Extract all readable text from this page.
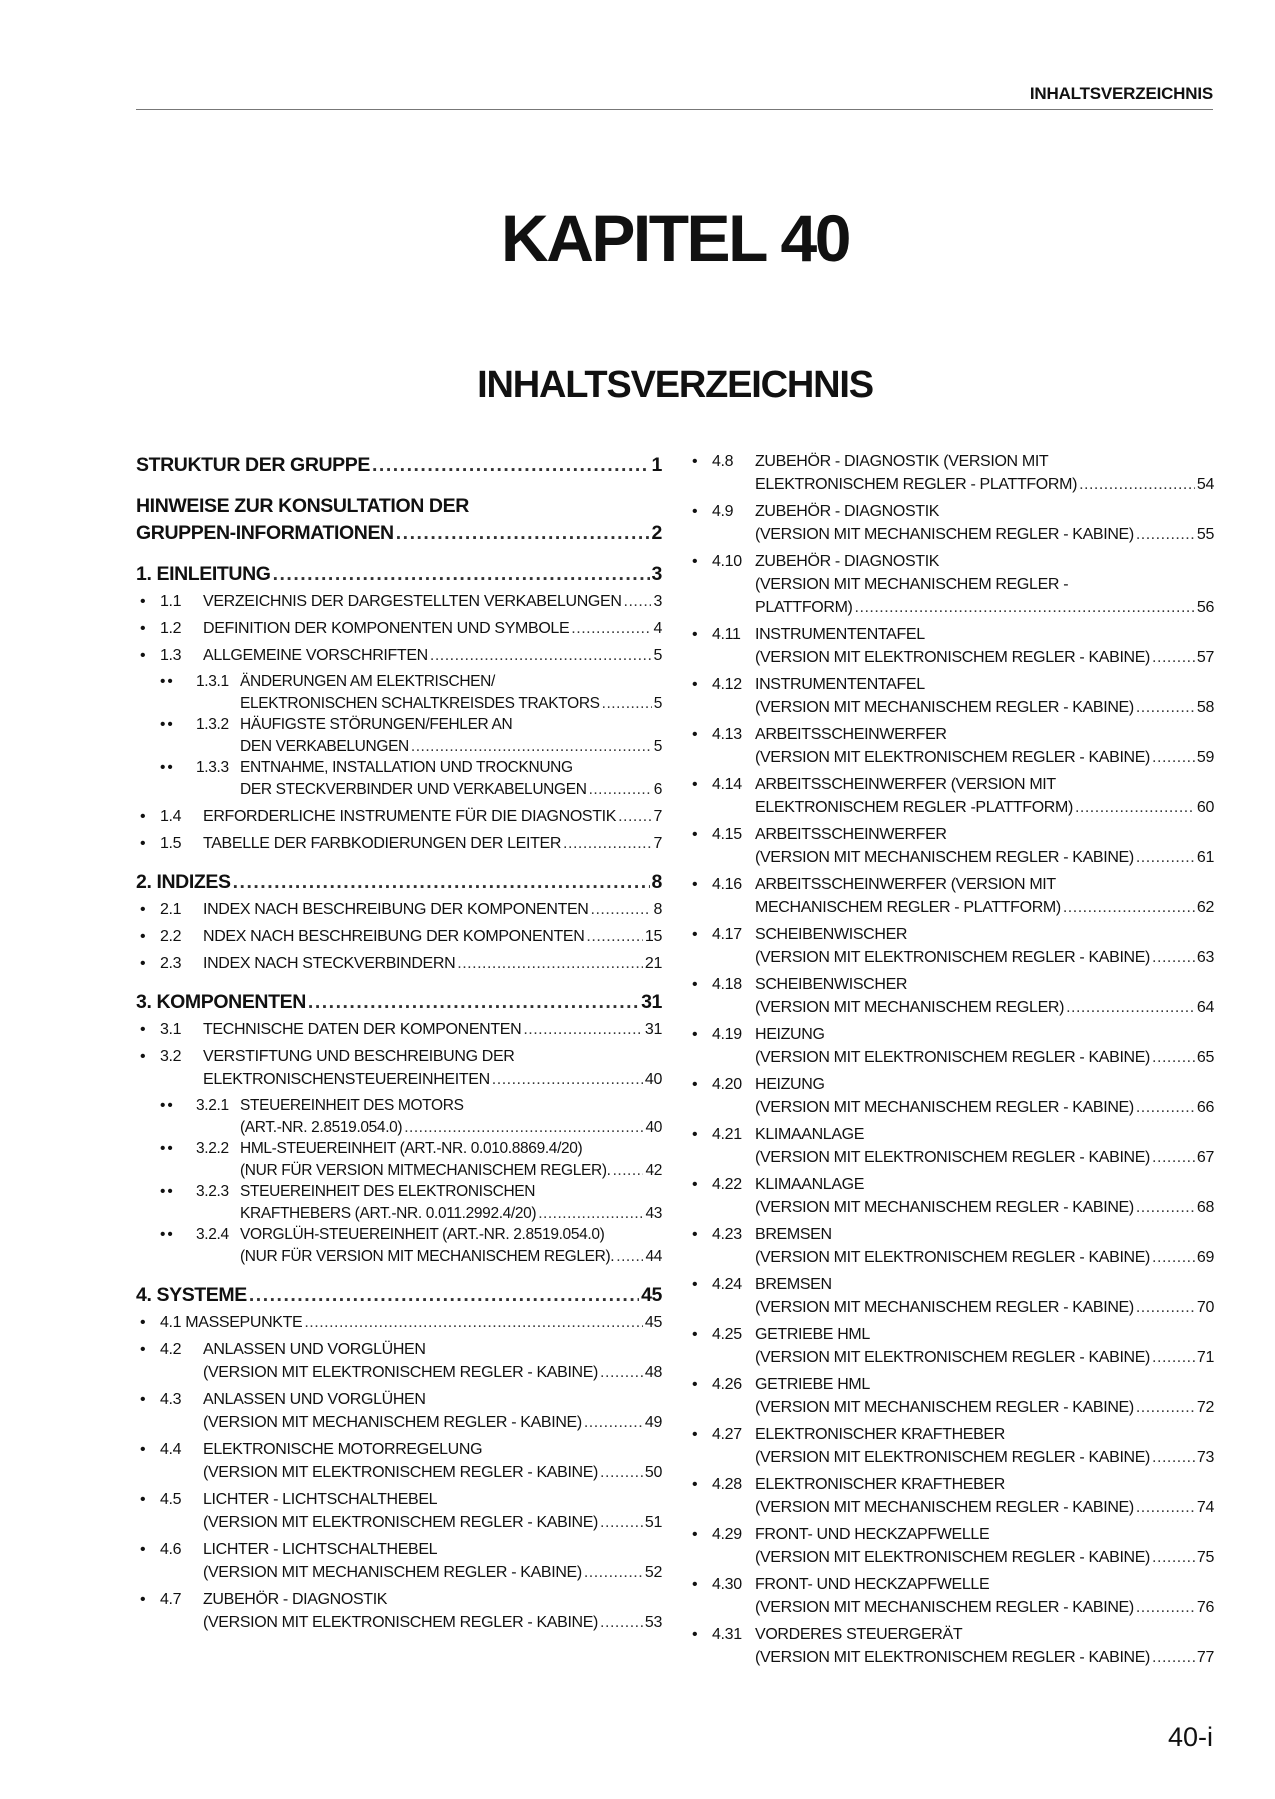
INHALTSVERZEICHNIS
KAPITEL 40
INHALTSVERZEICHNIS
STRUKTUR DER GRUPPE .....	1
HINWEISE ZUR KONSULTATION DER
GRUPPEN-INFORMATIONEN .....	2
1. EINLEITUNG .....	3
• 1.1 VERZEICHNIS DER DARGESTELLTEN VERKABELUNGEN ..... 3
• 1.2 DEFINITION DER KOMPONENTEN UND SYMBOLE .....	4
• 1.3 ALLGEMEINE VORSCHRIFTEN .....	5
•• 1.3.1 ÄNDERUNGEN AM ELEKTRISCHEN/
ELEKTRONISCHEN SCHALTKREISDES TRAKTORS .....	5
•• 1.3.2 HÄUFIGSTE STÖRUNGEN/FEHLER AN
DEN VERKABELUNGEN .....	5
•• 1.3.3 ENTNAHME, INSTALLATION UND TROCKNUNG
DER STECKVERBINDER UND VERKABELUNGEN .....	6
• 1.4 ERFORDERLICHE INSTRUMENTE FÜR DIE DIAGNOSTIK ..... 7
• 1.5 TABELLE DER FARBKODIERUNGEN DER LEITER .....	7
2. INDIZES .....	8
• 2.1 INDEX NACH BESCHREIBUNG DER KOMPONENTEN .....	8
• 2.2 NDEX NACH BESCHREIBUNG DER KOMPONENTEN .....	15
• 2.3 INDEX NACH STECKVERBINDERN .....	21
3. KOMPONENTEN .....	31
• 3.1 TECHNISCHE DATEN DER KOMPONENTEN .....	31
• 3.2 VERSTIFTUNG UND BESCHREIBUNG DER
ELEKTRONISCHENSTEUEREINHEITEN .....	40
•• 3.2.1 STEUEREINHEIT DES MOTORS
(ART.-NR. 2.8519.054.0) .....	40
•• 3.2.2 HML-STEUEREINHEIT (ART.-NR. 0.010.8869.4/20)
(NUR FÜR VERSION MITMECHANISCHEM REGLER). ..... 42
•• 3.2.3 STEUEREINHEIT DES ELEKTRONISCHEN
KRAFTHEBERS (ART.-NR. 0.011.2992.4/20) .....	43
•• 3.2.4 VORGLÜH-STEUEREINHEIT (ART.-NR. 2.8519.054.0)
(NUR FÜR VERSION MIT MECHANISCHEM REGLER). ..... 44
4. SYSTEME .....	45
• 4.1 MASSEPUNKTE .....	45
• 4.2 ANLASSEN UND VORGLÜHEN
(VERSION MIT ELEKTRONISCHEM REGLER - KABINE) .....	48
• 4.3 ANLASSEN UND VORGLÜHEN
(VERSION MIT MECHANISCHEM REGLER - KABINE) .....	49
• 4.4 ELEKTRONISCHE MOTORREGELUNG
(VERSION MIT ELEKTRONISCHEM REGLER - KABINE) .....	50
• 4.5 LICHTER - LICHTSCHALTHEBEL
(VERSION MIT ELEKTRONISCHEM REGLER - KABINE) .....	51
• 4.6 LICHTER - LICHTSCHALTHEBEL
(VERSION MIT MECHANISCHEM REGLER - KABINE) .....	52
• 4.7 ZUBEHÖR - DIAGNOSTIK
(VERSION MIT ELEKTRONISCHEM REGLER - KABINE) .....	53
• 4.8 ZUBEHÖR - DIAGNOSTIK (VERSION MIT
ELEKTRONISCHEM REGLER - PLATTFORM) .....	54
• 4.9 ZUBEHÖR - DIAGNOSTIK
(VERSION MIT MECHANISCHEM REGLER - KABINE) .....	55
• 4.10 ZUBEHÖR - DIAGNOSTIK
(VERSION MIT MECHANISCHEM REGLER -
PLATTFORM) .....	56
• 4.11 INSTRUMENTENTAFEL
(VERSION MIT ELEKTRONISCHEM REGLER - KABINE) .....	57
• 4.12 INSTRUMENTENTAFEL
(VERSION MIT MECHANISCHEM REGLER - KABINE) .....	58
• 4.13 ARBEITSSCHEINWERFER
(VERSION MIT ELEKTRONISCHEM REGLER - KABINE) .....	59
• 4.14 ARBEITSSCHEINWERFER (VERSION MIT
ELEKTRONISCHEM REGLER -PLATTFORM) .....	60
• 4.15 ARBEITSSCHEINWERFER
(VERSION MIT MECHANISCHEM REGLER - KABINE) .....	61
• 4.16 ARBEITSSCHEINWERFER (VERSION MIT
MECHANISCHEM REGLER - PLATTFORM) .....	62
• 4.17 SCHEIBENWISCHER
(VERSION MIT ELEKTRONISCHEM REGLER - KABINE) .....	63
• 4.18 SCHEIBENWISCHER
(VERSION MIT MECHANISCHEM REGLER) .....	64
• 4.19 HEIZUNG
(VERSION MIT ELEKTRONISCHEM REGLER - KABINE) .....	65
• 4.20 HEIZUNG
(VERSION MIT MECHANISCHEM REGLER - KABINE) .....	66
• 4.21 KLIMAANLAGE
(VERSION MIT ELEKTRONISCHEM REGLER - KABINE) .....	67
• 4.22 KLIMAANLAGE
(VERSION MIT MECHANISCHEM REGLER - KABINE) .....	68
• 4.23 BREMSEN
(VERSION MIT ELEKTRONISCHEM REGLER - KABINE) .....	69
• 4.24 BREMSEN
(VERSION MIT MECHANISCHEM REGLER - KABINE) .....	70
• 4.25 GETRIEBE HML
(VERSION MIT ELEKTRONISCHEM REGLER - KABINE) .....	71
• 4.26 GETRIEBE HML
(VERSION MIT MECHANISCHEM REGLER - KABINE) .....	72
• 4.27 ELEKTRONISCHER KRAFTHEBER
(VERSION MIT ELEKTRONISCHEM REGLER - KABINE) .....	73
• 4.28 ELEKTRONISCHER KRAFTHEBER
(VERSION MIT MECHANISCHEM REGLER - KABINE) .....	74
• 4.29 FRONT- UND HECKZAPFWELLE
(VERSION MIT ELEKTRONISCHEM REGLER - KABINE) .....	75
• 4.30 FRONT- UND HECKZAPFWELLE
(VERSION MIT MECHANISCHEM REGLER - KABINE) .....	76
• 4.31 VORDERES STEUERGERÄT
(VERSION MIT ELEKTRONISCHEM REGLER - KABINE) .....	77
40-i
